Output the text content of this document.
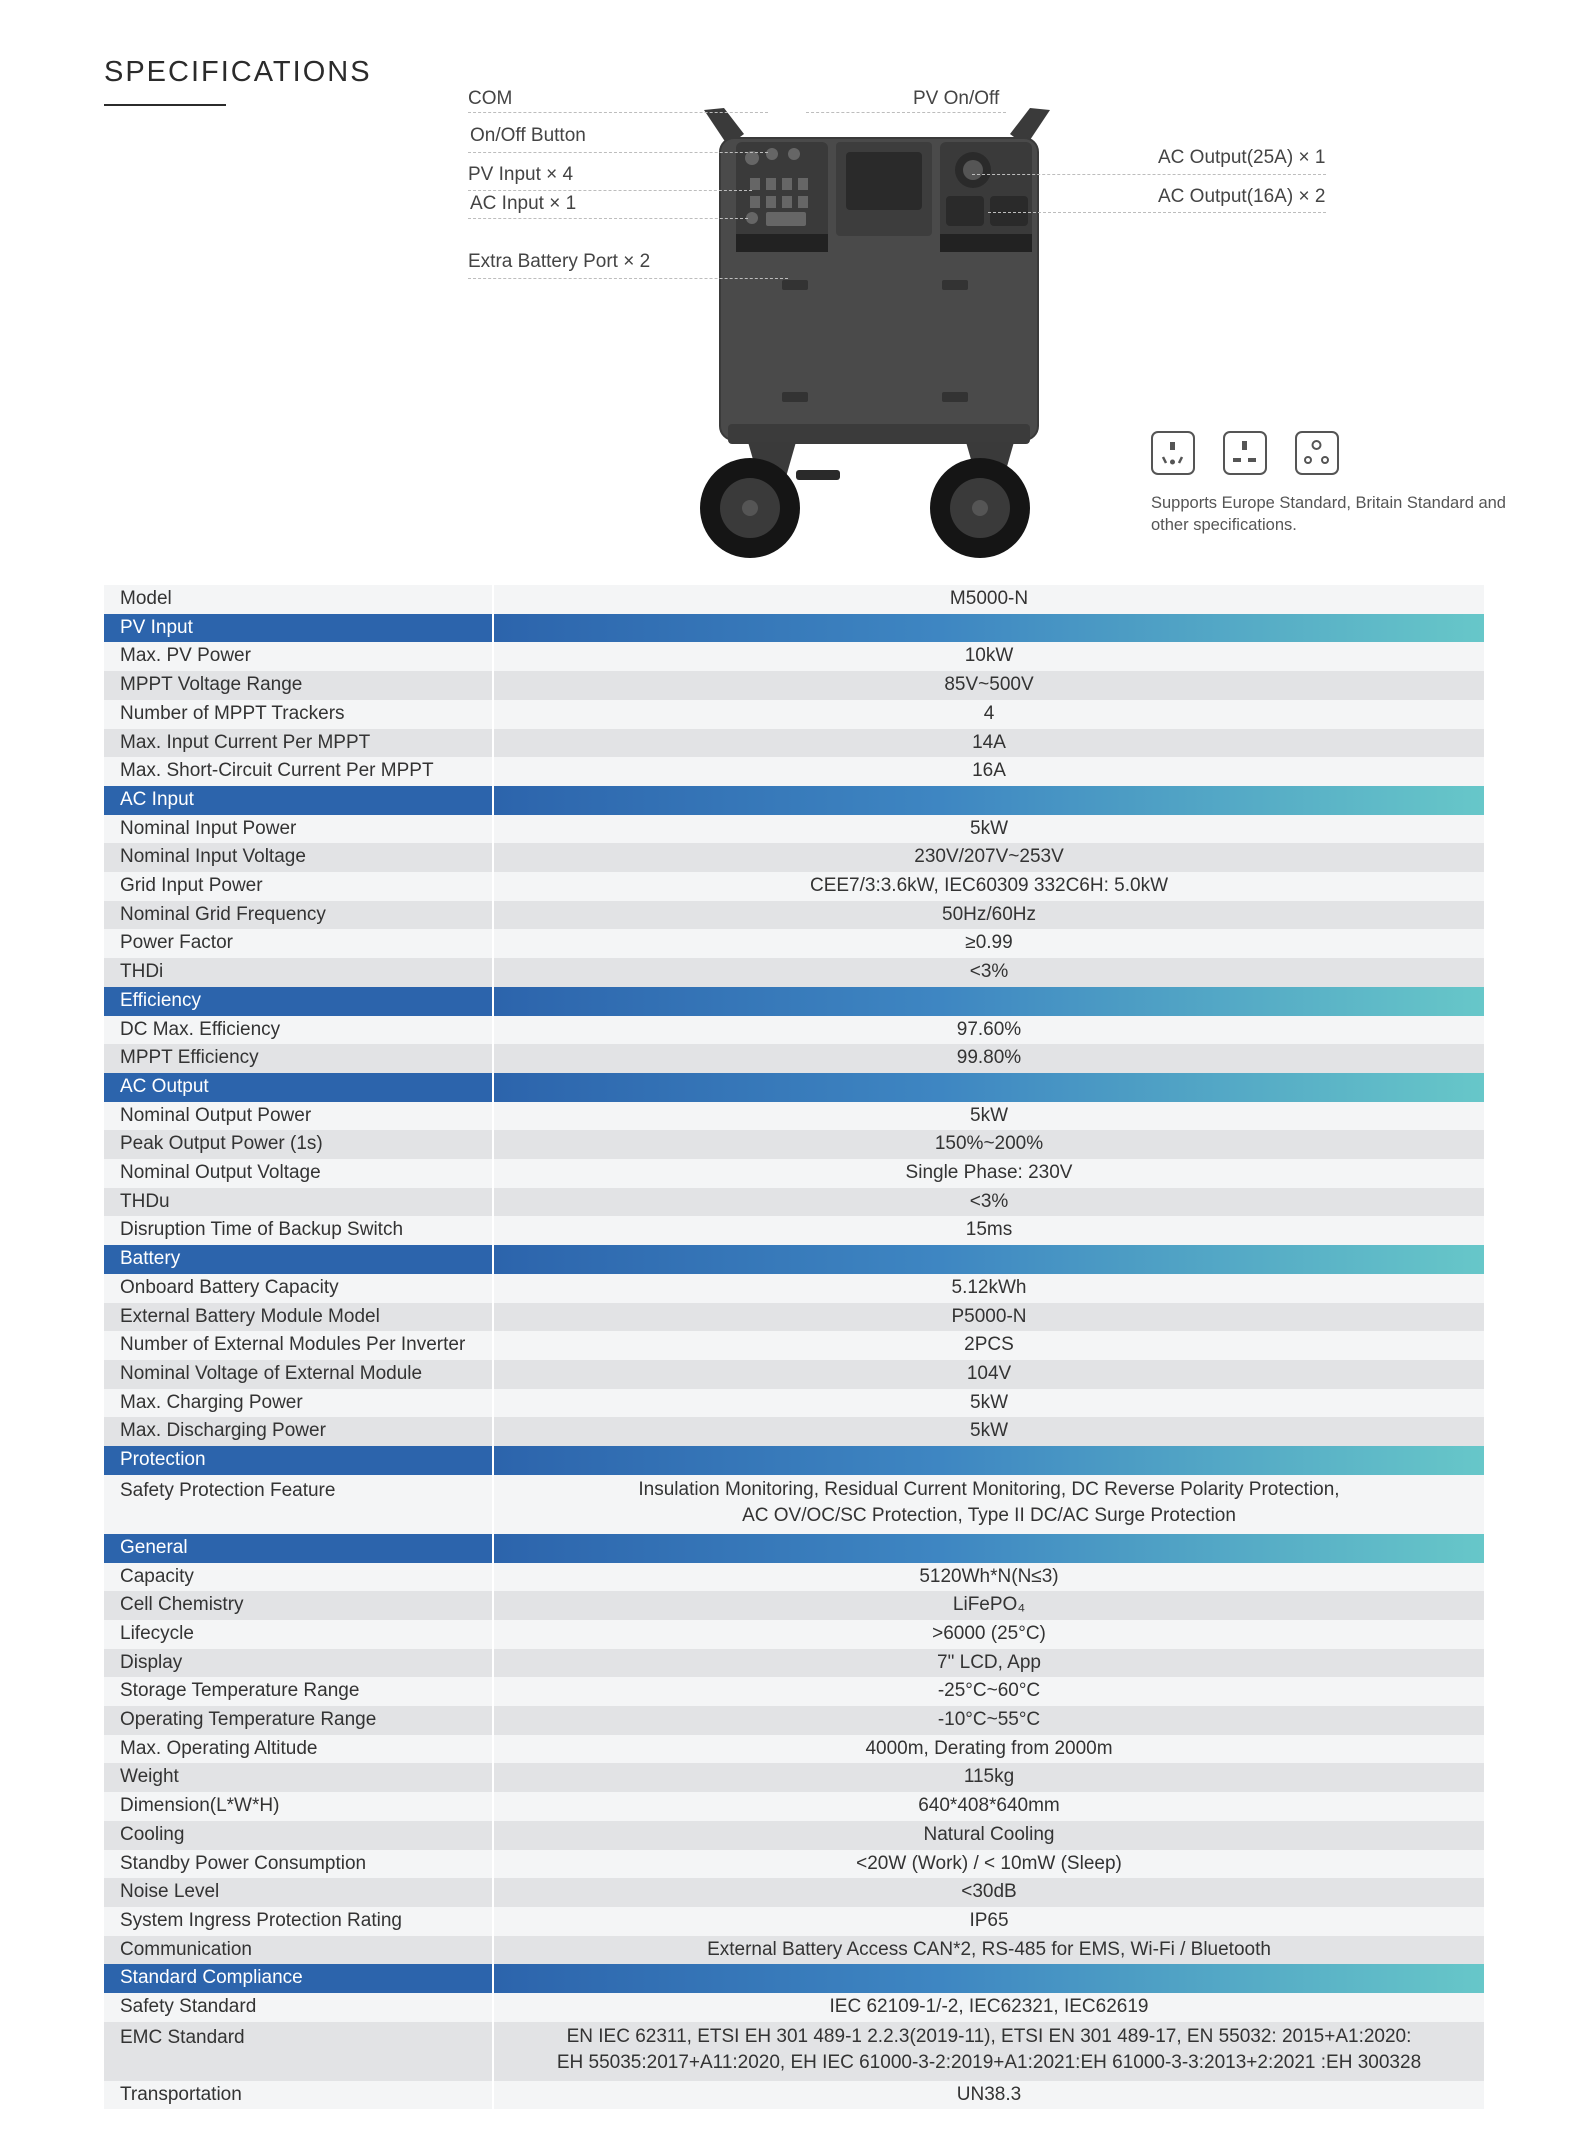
SPECIFICATIONS
COM	PV On/Off
On/Off Button
PV Input × 4
AC Input × 1
Extra Battery Port × 2
AC Output(25A) × 1
AC Output(16A) × 2
Supports Europe Standard, Britain Standard and other specifications.
Model	M5000-N
PV Input	
Max. PV Power	10kW
MPPT Voltage Range	85V~500V
Number of MPPT Trackers	4
Max. Input Current Per MPPT	14A
Max. Short-Circuit Current Per MPPT	16A
AC Input	
Nominal Input Power	5kW
Nominal Input Voltage	230V/207V~253V
Grid Input Power	CEE7/3:3.6kW, IEC60309 332C6H: 5.0kW
Nominal Grid Frequency	50Hz/60Hz
Power Factor	≥0.99
THDi	<3%
Efficiency	
DC Max. Efficiency	97.60%
MPPT Efficiency	99.80%
AC Output	
Nominal Output Power	5kW
Peak Output Power (1s)	150%~200%
Nominal Output Voltage	Single Phase: 230V
THDu	<3%
Disruption Time of Backup Switch	15ms
Battery	
Onboard Battery Capacity	5.12kWh
External Battery Module Model	P5000-N
Number of External Modules Per Inverter	2PCS
Nominal Voltage of External Module	104V
Max. Charging Power	5kW
Max. Discharging Power	5kW
Protection	
Safety Protection Feature	Insulation Monitoring, Residual Current Monitoring, DC Reverse Polarity Protection,
AC OV/OC/SC Protection, Type II DC/AC Surge Protection

General	
Capacity	5120Wh*N(N≤3)
Cell Chemistry	LiFePO₄
Lifecycle	>6000 (25°C)
Display	7" LCD, App
Storage Temperature Range	-25°C~60°C
Operating Temperature Range	-10°C~55°C
Max. Operating Altitude	4000m, Derating from 2000m
Weight	115kg
Dimension(L*W*H)	640*408*640mm
Cooling	Natural Cooling
Standby Power Consumption	<20W (Work) / < 10mW (Sleep)
Noise Level	<30dB
System Ingress Protection Rating	IP65
Communication	External Battery Access CAN*2, RS-485 for EMS, Wi-Fi / Bluetooth
Standard Compliance	
Safety Standard	IEC 62109-1/-2, IEC62321, IEC62619
EMC Standard	EN IEC 62311, ETSI EH 301 489-1 2.2.3(2019-11), ETSI EN 301 489-17, EN 55032: 2015+A1:2020:
EH 55035:2017+A11:2020, EH IEC 61000-3-2:2019+A1:2021:EH 61000-3-3:2013+2:2021 :EH 300328

Transportation	UN38.3
